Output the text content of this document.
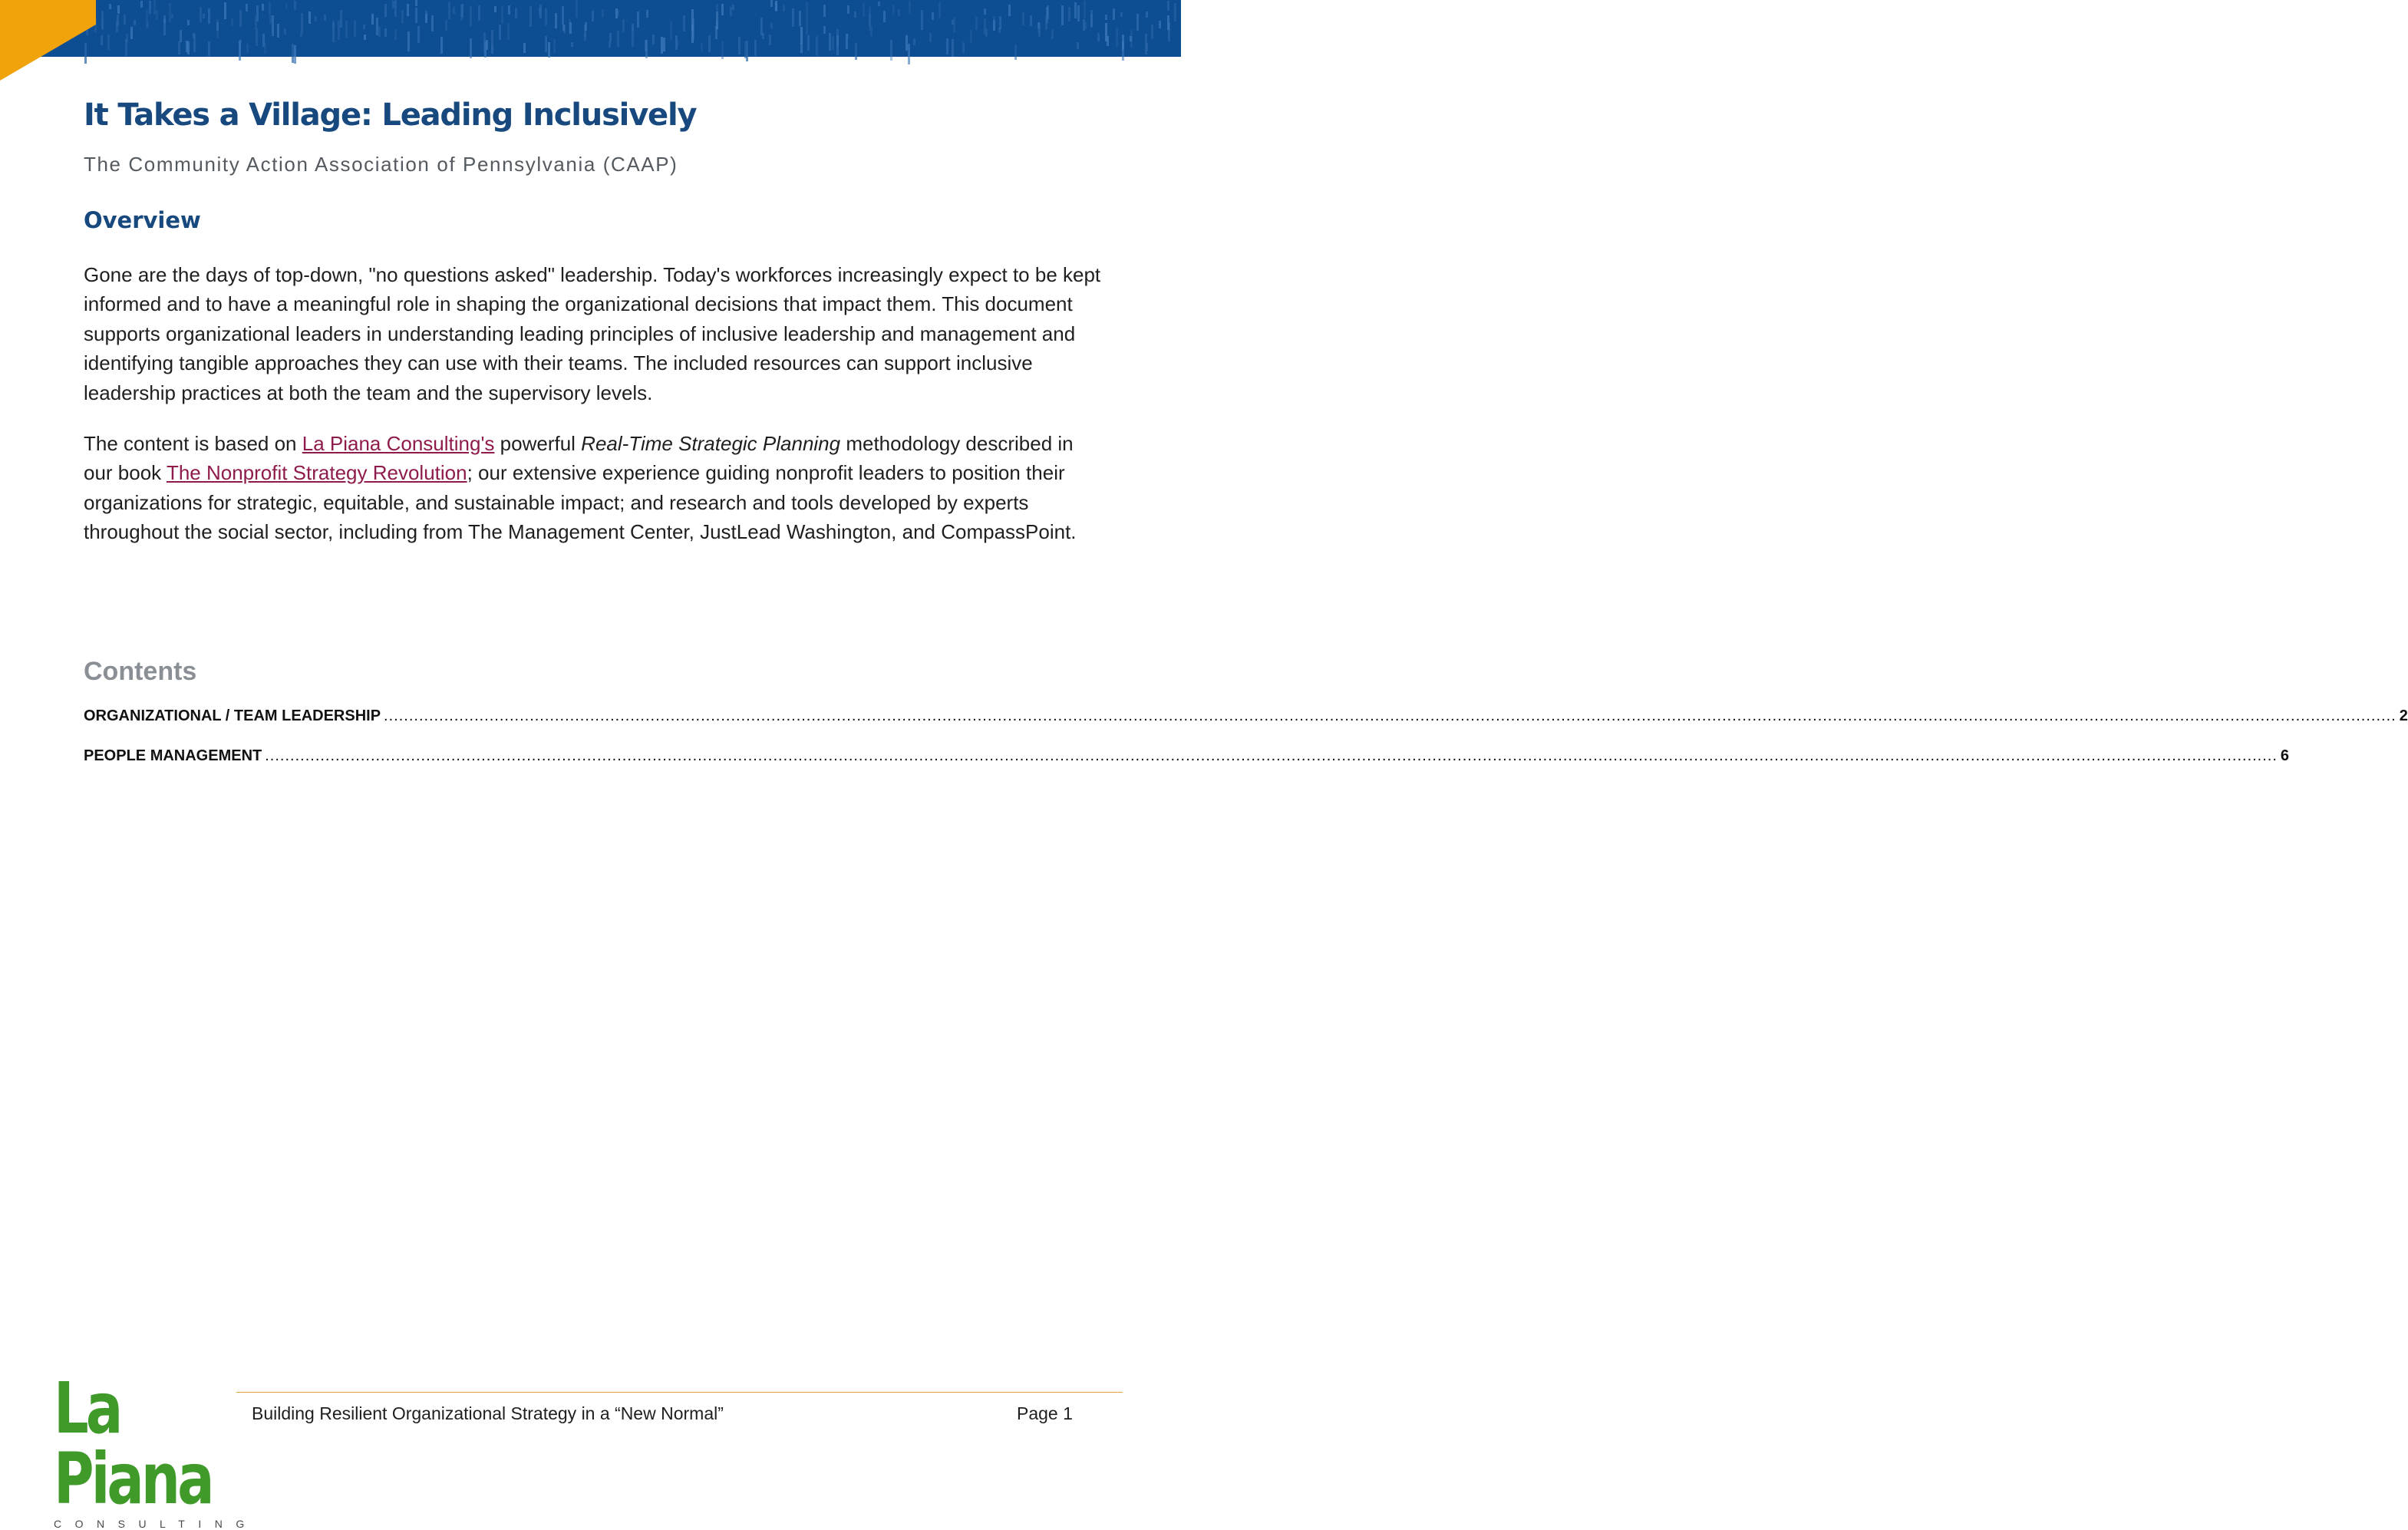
It Takes a Village: Leading Inclusively

The Community Action Association of Pennsylvania (CAAP)

Overview

Gone are the days of top-down, "no questions asked" leadership. Today's workforces increasingly expect to be kept informed and to have a meaningful role in shaping the organizational decisions that impact them. This document supports organizational leaders in understanding leading principles of inclusive leadership and management and identifying tangible approaches they can use with their teams. The included resources can support inclusive leadership practices at both the team and the supervisory levels.

The content is based on La Piana Consulting's powerful Real-Time Strategic Planning methodology described in our book The Nonprofit Strategy Revolution; our extensive experience guiding nonprofit leaders to position their organizations for strategic, equitable, and sustainable impact; and research and tools developed by experts throughout the social sector, including from The Management Center, JustLead Washington, and CompassPoint.

Contents
ORGANIZATIONAL / TEAM LEADERSHIP ................................................................................................................................................................................................................................................................................................................................................................................................................ 2
PEOPLE MANAGEMENT ................................................................................................................................................................................................................................................................................................................................................................................................................ 6
La Piana
CONSULTING

Building Resilient Organizational Strategy in a “New Normal”	Page 1
